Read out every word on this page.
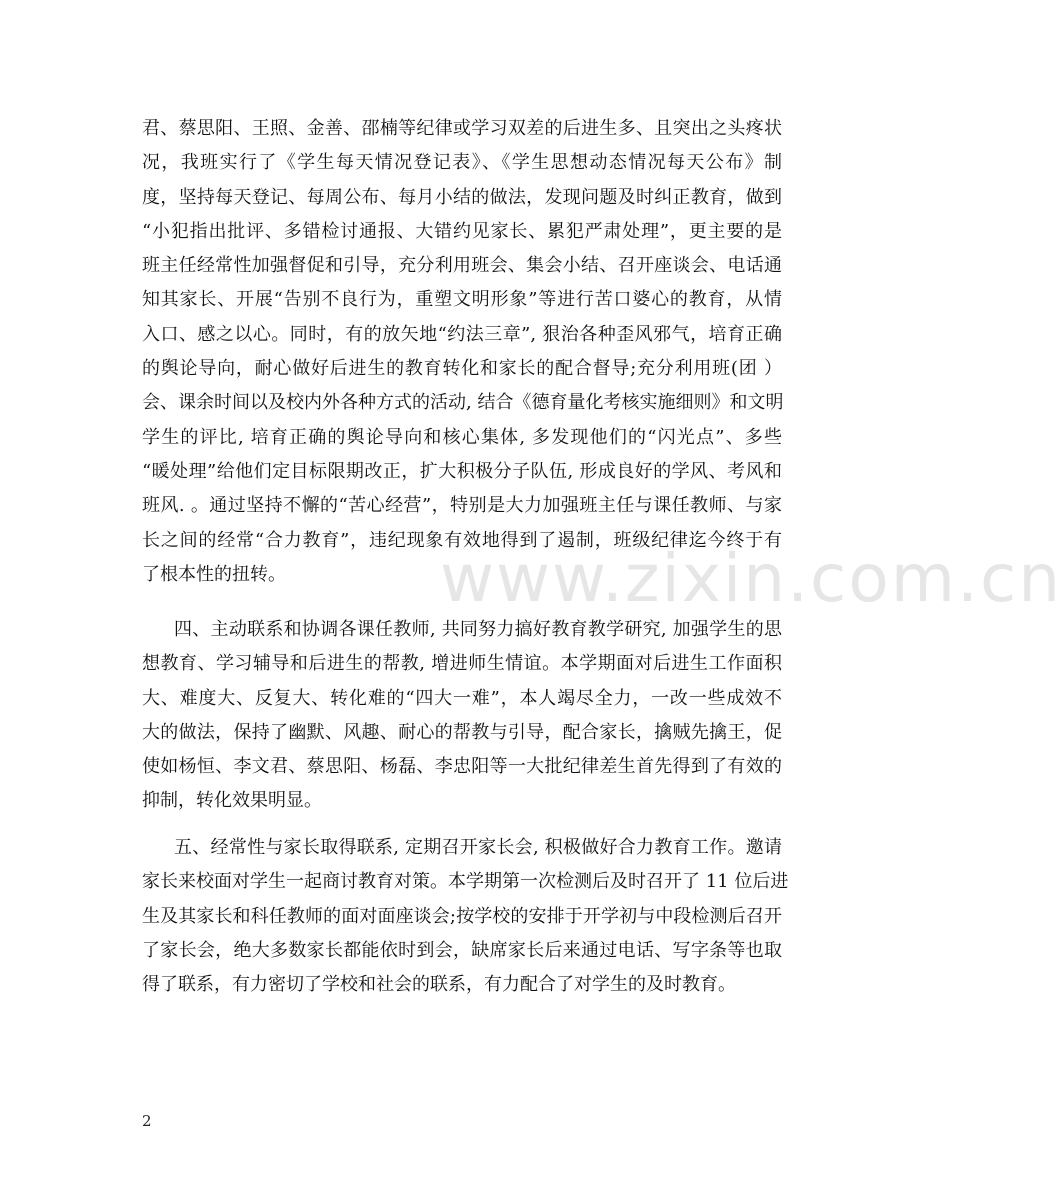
www.zixin.com.cn
君、蔡思阳、王照、金善、邵楠等纪律或学习双差的后进生多、且突出之头疼状
况，我班实行了《学生每天情况登记表》、《学生思想动态情况每天公布》制
度，坚持每天登记、每周公布、每月小结的做法，发现问题及时纠正教育，做到
“小犯指出批评、多错检讨通报、大错约见家长、累犯严肃处理”，更主要的是
班主任经常性加强督促和引导，充分利用班会、集会小结、召开座谈会、电话通
知其家长、开展“告别不良行为，重塑文明形象”等进行苦口婆心的教育，从情
入口、感之以心。同时，有的放矢地“约法三章”, 狠治各种歪风邪气，培育正确
的舆论导向，耐心做好后进生的教育转化和家长的配合督导;充分利用班(团 ）
会、课余时间以及校内外各种方式的活动, 结合《德育量化考核实施细则》和文明
学生的评比, 培育正确的舆论导向和核心集体, 多发现他们的“闪光点”、多些
“暖处理”给他们定目标限期改正，扩大积极分子队伍, 形成良好的学风、考风和
班风. 。通过坚持不懈的“苦心经营”，特别是大力加强班主任与课任教师、与家
长之间的经常“合力教育”，违纪现象有效地得到了遏制，班级纪律迄今终于有
了根本性的扭转。
四、主动联系和协调各课任教师, 共同努力搞好教育教学研究, 加强学生的思
想教育、学习辅导和后进生的帮教, 增进师生情谊。本学期面对后进生工作面积
大、难度大、反复大、转化难的“四大一难”，本人竭尽全力，一改一些成效不
大的做法，保持了幽默、风趣、耐心的帮教与引导，配合家长，擒贼先擒王，促
使如杨恒、李文君、蔡思阳、杨磊、李忠阳等一大批纪律差生首先得到了有效的
抑制，转化效果明显。
五、经常性与家长取得联系, 定期召开家长会, 积极做好合力教育工作。邀请
家长来校面对学生一起商讨教育对策。本学期第一次检测后及时召开了 11 位后进
生及其家长和科任教师的面对面座谈会;按学校的安排于开学初与中段检测后召开
了家长会，绝大多数家长都能依时到会，缺席家长后来通过电话、写字条等也取
得了联系，有力密切了学校和社会的联系，有力配合了对学生的及时教育。
2
